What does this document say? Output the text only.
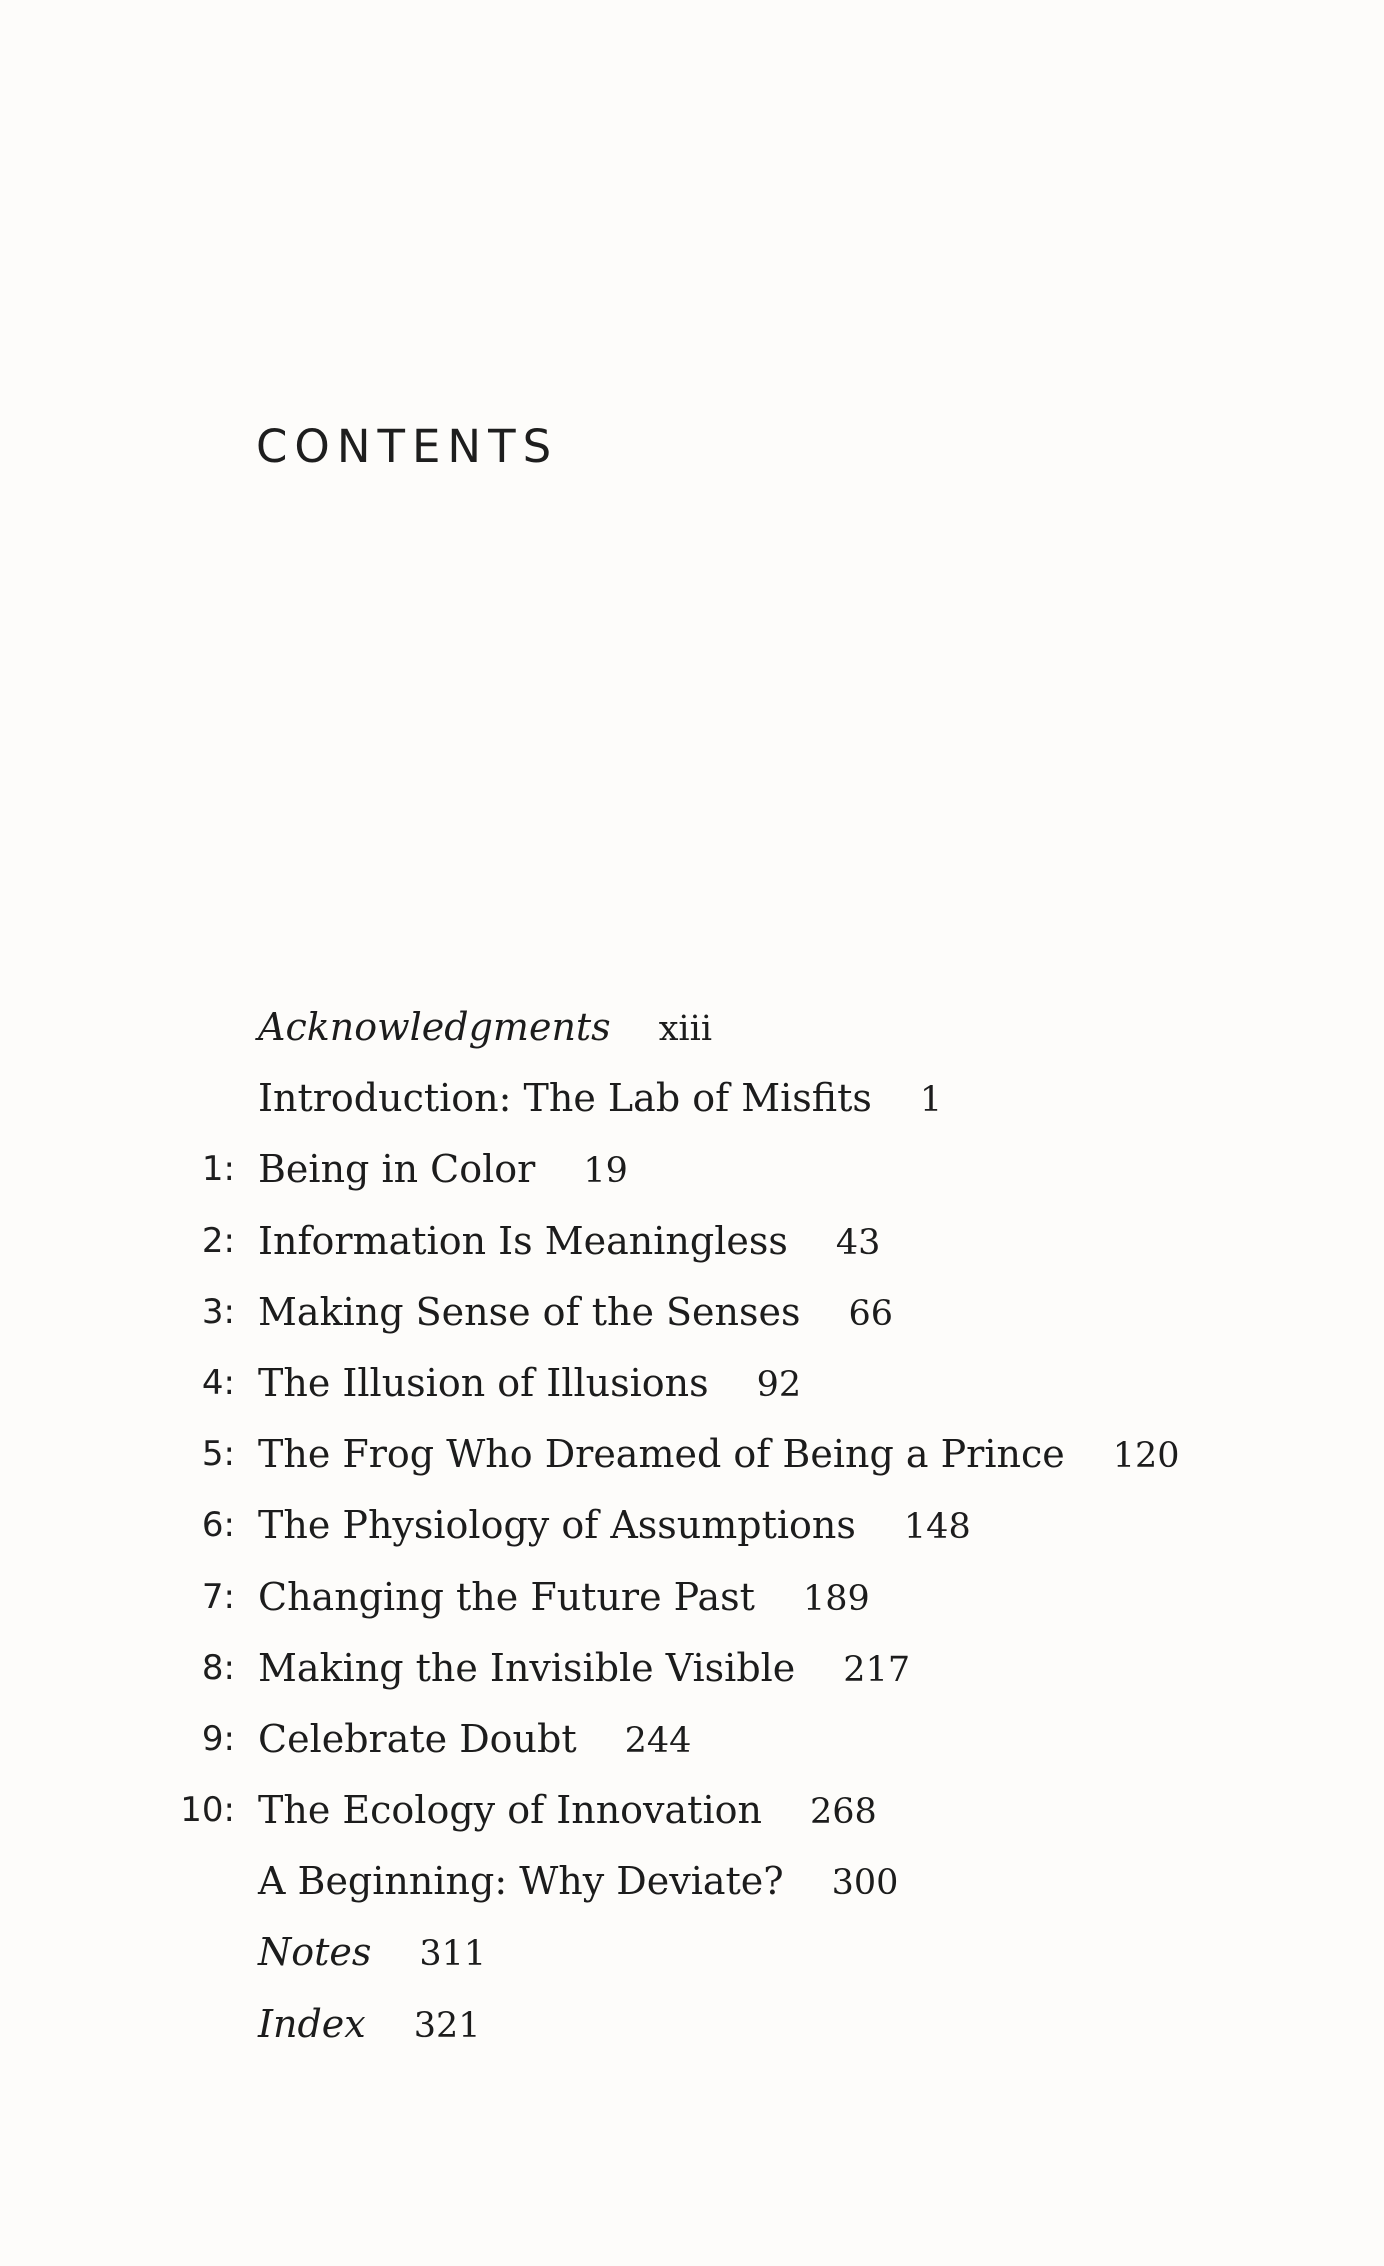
CONTENTS
Acknowledgments xiii
Introduction: The Lab of Misfits 1
1: Being in Color 19
2: Information Is Meaningless 43
3: Making Sense of the Senses 66
4: The Illusion of Illusions 92
5: The Frog Who Dreamed of Being a Prince 120
6: The Physiology of Assumptions 148
7: Changing the Future Past 189
8: Making the Invisible Visible 217
9: Celebrate Doubt 244
10: The Ecology of Innovation 268
A Beginning: Why Deviate? 300
Notes 311
Index 321
